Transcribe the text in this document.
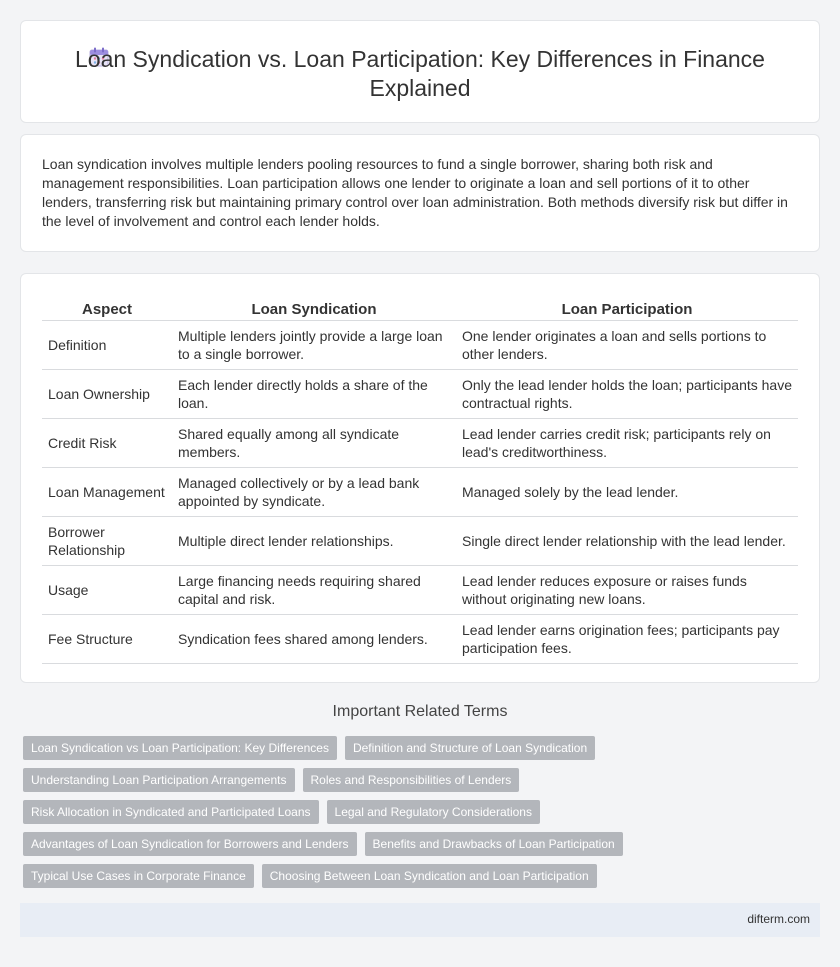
Loan Syndication vs. Loan Participation: Key Differences in Finance Explained

Loan syndication involves multiple lenders pooling resources to fund a single borrower, sharing both risk and management responsibilities. Loan participation allows one lender to originate a loan and sell portions of it to other lenders, transferring risk but maintaining primary control over loan administration. Both methods diversify risk but differ in the level of involvement and control each lender holds.

Aspect	Loan Syndication	Loan Participation
Definition	Multiple lenders jointly provide a large loan to a single borrower.	One lender originates a loan and sells portions to other lenders.
Loan Ownership	Each lender directly holds a share of the loan.	Only the lead lender holds the loan; participants have contractual rights.
Credit Risk	Shared equally among all syndicate members.	Lead lender carries credit risk; participants rely on lead's creditworthiness.
Loan Management	Managed collectively or by a lead bank appointed by syndicate.	Managed solely by the lead lender.
Borrower Relationship	Multiple direct lender relationships.	Single direct lender relationship with the lead lender.
Usage	Large financing needs requiring shared capital and risk.	Lead lender reduces exposure or raises funds without originating new loans.
Fee Structure	Syndication fees shared among lenders.	Lead lender earns origination fees; participants pay participation fees.
Important Related Terms
Loan Syndication vs Loan Participation: Key Differences	Definition and Structure of Loan Syndication
Understanding Loan Participation Arrangements	Roles and Responsibilities of Lenders
Risk Allocation in Syndicated and Participated Loans	Legal and Regulatory Considerations
Advantages of Loan Syndication for Borrowers and Lenders	Benefits and Drawbacks of Loan Participation
Typical Use Cases in Corporate Finance	Choosing Between Loan Syndication and Loan Participation
difterm.com
